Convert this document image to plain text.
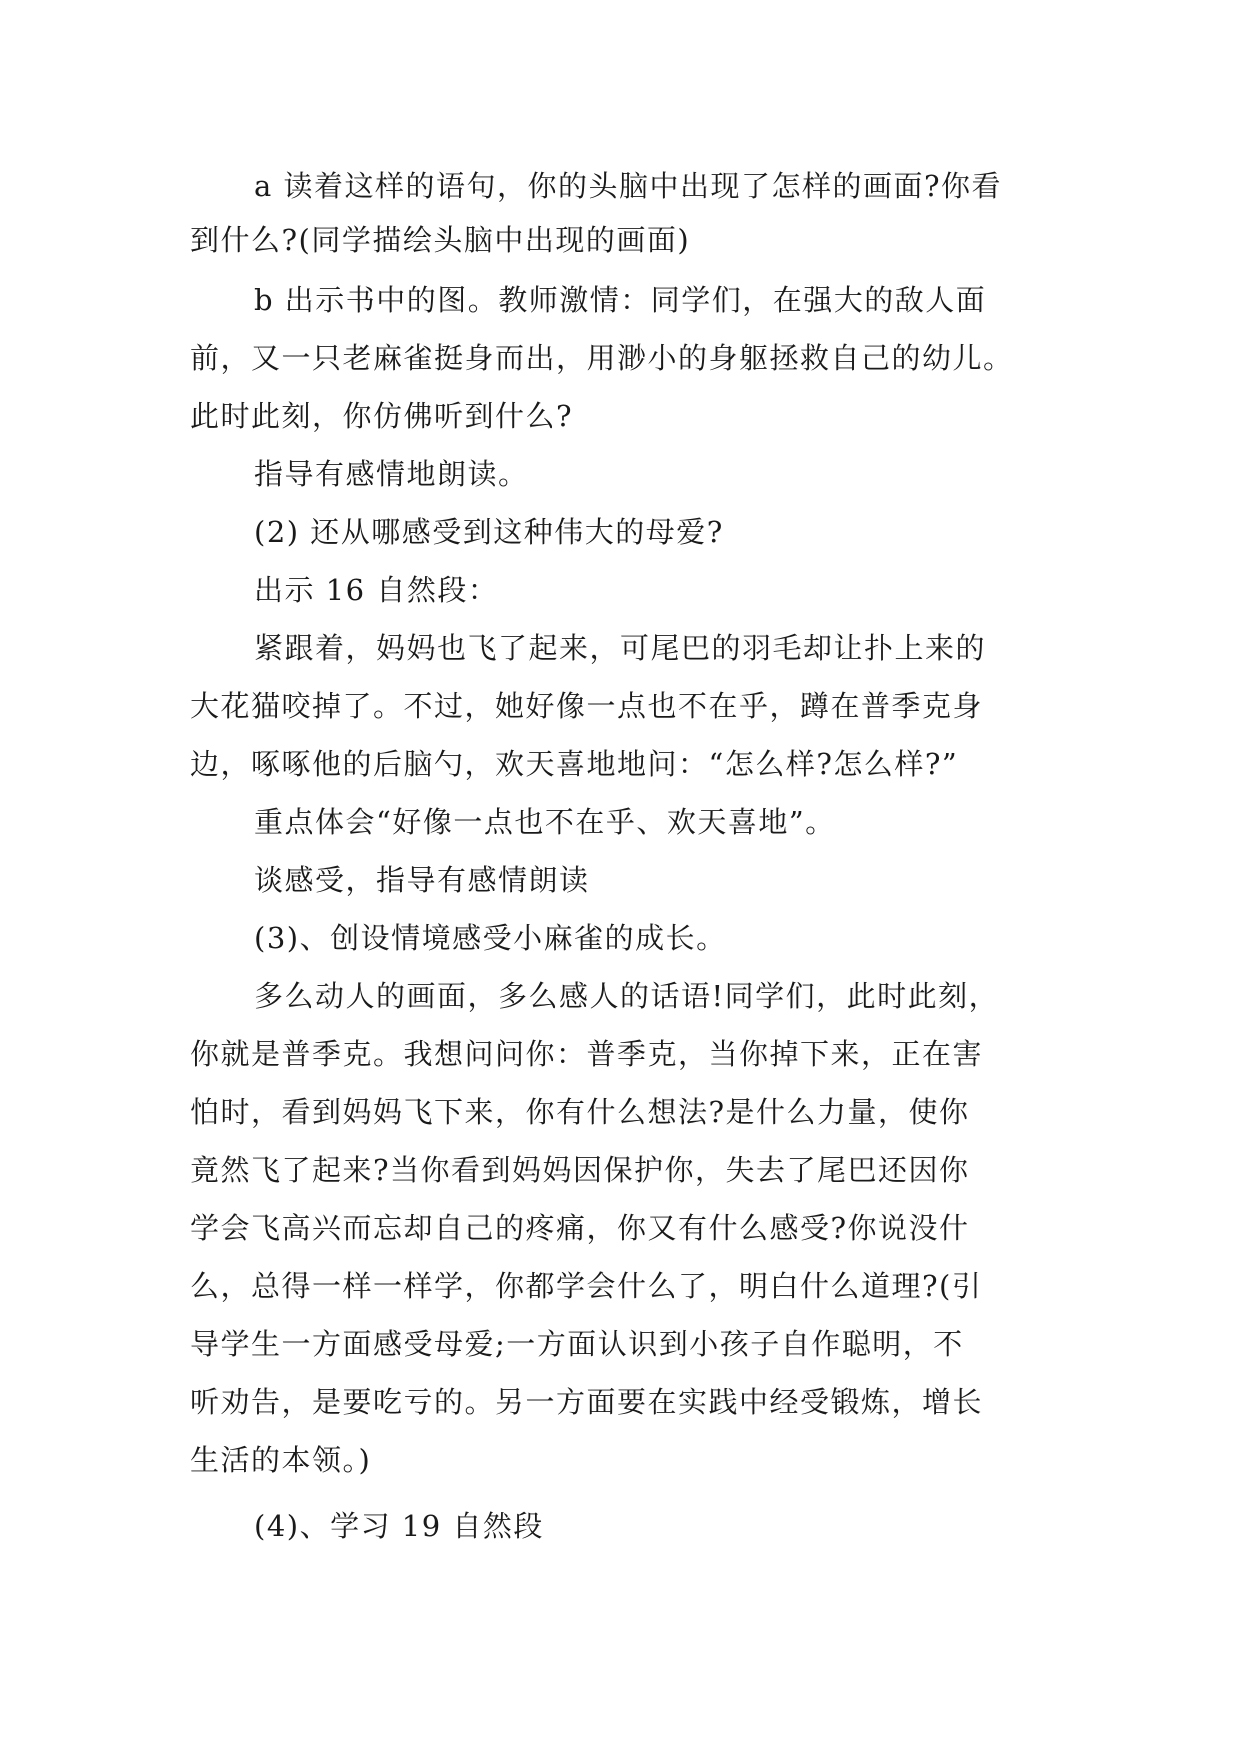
a 读着这样的语句，你的头脑中出现了怎样的画面?你看
到什么?(同学描绘头脑中出现的画面)
b 出示书中的图。教师激情：同学们，在强大的敌人面
前，又一只老麻雀挺身而出，用渺小的身躯拯救自己的幼儿。
此时此刻，你仿佛听到什么?
指导有感情地朗读。
(2) 还从哪感受到这种伟大的母爱?
出示 16 自然段：
紧跟着，妈妈也飞了起来，可尾巴的羽毛却让扑上来的
大花猫咬掉了。不过，她好像一点也不在乎，蹲在普季克身
边，啄啄他的后脑勺，欢天喜地地问：“怎么样?怎么样?”
重点体会“好像一点也不在乎、欢天喜地”。
谈感受，指导有感情朗读
(3)、创设情境感受小麻雀的成长。
多么动人的画面，多么感人的话语!同学们，此时此刻，
你就是普季克。我想问问你：普季克，当你掉下来，正在害
怕时，看到妈妈飞下来，你有什么想法?是什么力量，使你
竟然飞了起来?当你看到妈妈因保护你，失去了尾巴还因你
学会飞高兴而忘却自己的疼痛，你又有什么感受?你说没什
么，总得一样一样学，你都学会什么了，明白什么道理?(引
导学生一方面感受母爱;一方面认识到小孩子自作聪明，不
听劝告，是要吃亏的。另一方面要在实践中经受锻炼，增长
生活的本领。)
(4)、学习 19 自然段
